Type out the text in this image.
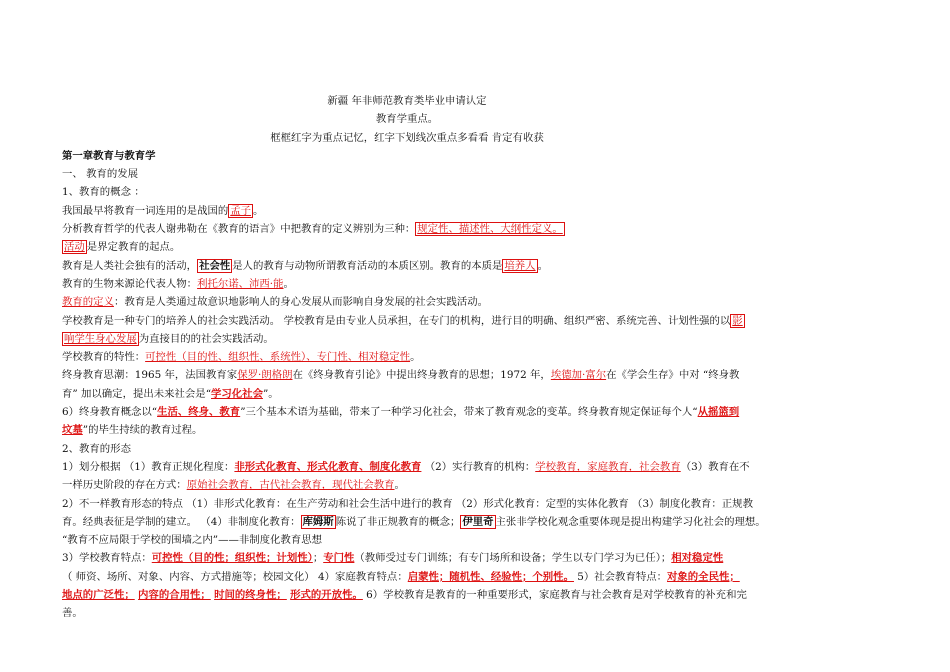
新疆 年非师范教育类毕业申请认定
教育学重点。
框框红字为重点记忆，红字下划线次重点多看看 肯定有收获
第一章教育与教育学
一、 教育的发展
1、教育的概念 ：
我国最早将教育一词连用的是战国的 孟子 。
分析教育哲学的代表人谢弗勒在《教育的语言》中把教育的定义辨别为三种： 规定性、描述性、大纲性定义。
活动 是界定教育的起点。
教育是人类社会独有的活动， 社会性 是人的教育与动物所谓教育活动的本质区别。教育的本质是 培养人 。
教育的生物来源论代表人物：利托尔诺、沛西·能。
教育的定义：教育是人类通过故意识地影响人的身心发展从而影响自身发展的社会实践活动。
学校教育是一种专门的培养人的社会实践活动。 学校教育是由专业人员承担，在专门的机构，进行目的明确、组织严密、系统完善、计划性强的以 影
响学生身心发展 为直接目的的社会实践活动。
学校教育的特性：可控性（目的性、组织性、系统性）、专门性、相对稳定性。
终身教育思潮：1965 年，法国教育家保罗·朗格朗在《终身教育引论》中提出终身教育的思想；1972 年，埃德加·富尔在《学会生存》中对 “终身教
育” 加以确定，提出未来社会是“学习化社会”。
6）终身教育概念以“生活、终身、教育”三个基本术语为基础，带来了一种学习化社会，带来了教育观念的变革。终身教育规定保证每个人“从摇篮到
坟墓”的毕生持续的教育过程。
2、教育的形态
1）划分根据 （1）教育正规化程度：非形式化教育、形式化教育、制度化教育 （2）实行教育的机构：学校教育，家庭教育，社会教育（3）教育在不
一样历史阶段的存在方式：原始社会教育，古代社会教育，现代社会教育。
2）不一样教育形态的特点 （1）非形式化教育：在生产劳动和社会生活中进行的教育 （2）形式化教育：定型的实体化教育 （3）制度化教育：正规教
育。经典表征是学制的建立。 （4）非制度化教育： 库姆斯 陈说了非正规教育的概念； 伊里奇 主张非学校化观念重要体现是提出构建学习化社会的理想。
“教育不应局限于学校的围墙之内”——非制度化教育思想
3）学校教育特点：可控性（目的性；组织性；计划性）；专门性（教师受过专门训练；有专门场所和设备；学生以专门学习为已任）；相对稳定性
（ 师资、场所、对象、内容、方式措施等；校园文化） 4）家庭教育特点：启蒙性；随机性、经验性；个别性。 5）社会教育特点：对象的全民性；
地点的广泛性； 内容的合用性； 时间的终身性； 形式的开放性。 6）学校教育是教育的一种重要形式，家庭教育与社会教育是对学校教育的补充和完
善。
